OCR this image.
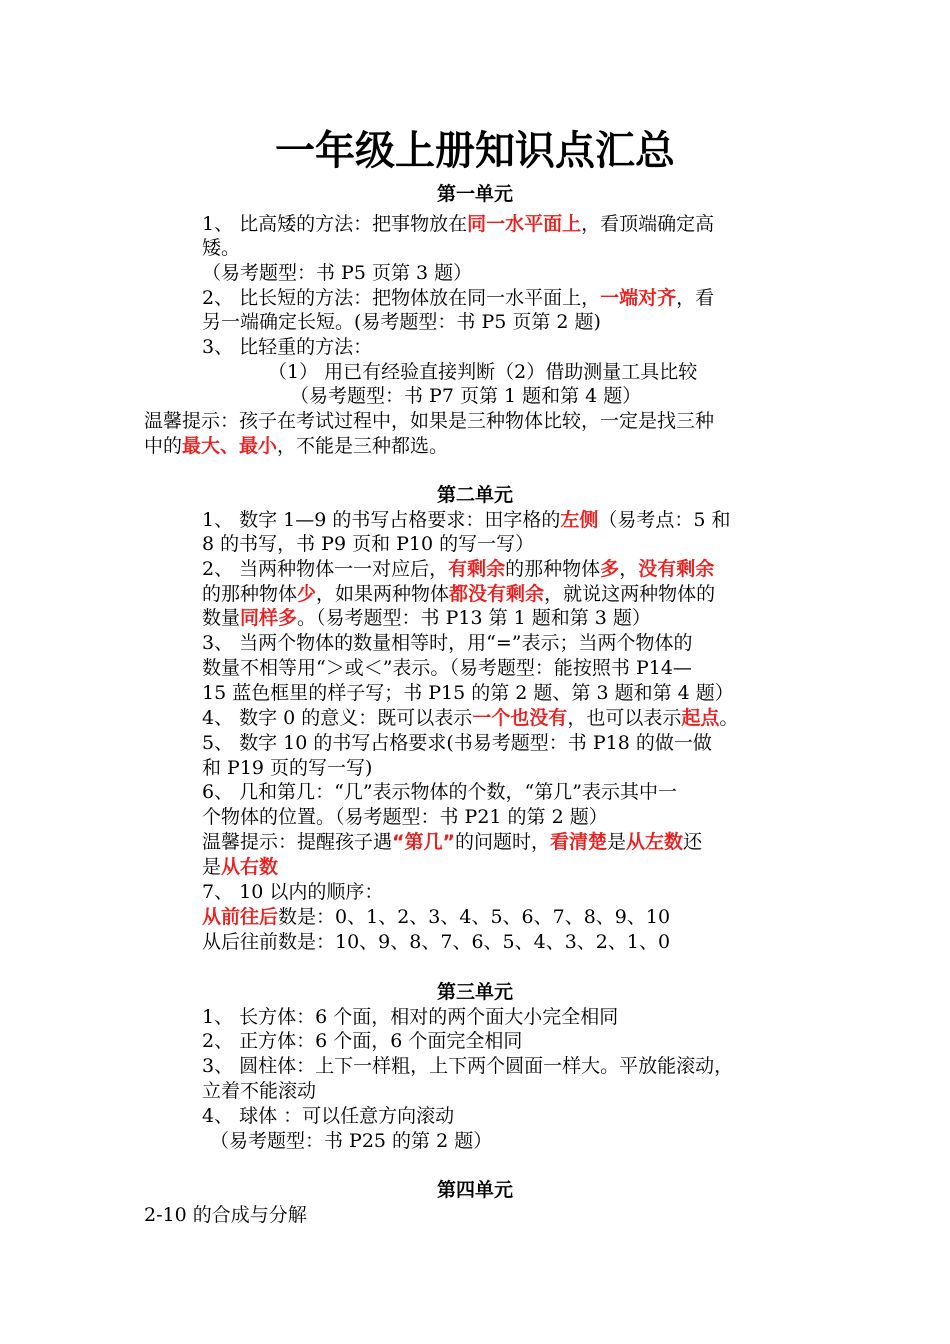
一年级上册知识点汇总
第一单元
1、 比高矮的方法：把事物放在同一水平面上，看顶端确定高
矮。
（易考题型：书 P5 页第 3 题）
2、 比长短的方法：把物体放在同一水平面上，一端对齐，看
另一端确定长短。(易考题型：书 P5 页第 2 题)
3、 比轻重的方法：
（1） 用已有经验直接判断（2）借助测量工具比较
（易考题型：书 P7 页第 1 题和第 4 题）
温馨提示：孩子在考试过程中，如果是三种物体比较，一定是找三种
中的最大、最小，不能是三种都选。
第二单元
1、 数字 1—9 的书写占格要求：田字格的左侧（易考点：5 和
8 的书写，书 P9 页和 P10 的写一写）
2、 当两种物体一一对应后，有剩余的那种物体多，没有剩余
的那种物体少，如果两种物体都没有剩余，就说这两种物体的
数量同样多。（易考题型：书 P13 第 1 题和第 3 题）
3、 当两个物体的数量相等时，用“=”表示；当两个物体的
数量不相等用“＞或＜”表示。（易考题型：能按照书 P14—
15 蓝色框里的样子写；书 P15 的第 2 题、第 3 题和第 4 题）
4、 数字 0 的意义：既可以表示一个也没有，也可以表示起点。
5、 数字 10 的书写占格要求(书易考题型：书 P18 的做一做
和 P19 页的写一写)
6、 几和第几：“几”表示物体的个数，“第几”表示其中一
个物体的位置。（易考题型：书 P21 的第 2 题）
温馨提示：提醒孩子遇“第几”的问题时，看清楚是从左数还
是从右数
7、 10 以内的顺序：
从前往后数是：0、1、2、3、4、5、6、7、8、9、10
从后往前数是：10、9、8、7、6、5、4、3、2、1、0
第三单元
1、 长方体：6 个面，相对的两个面大小完全相同
2、 正方体：6 个面，6 个面完全相同
3、 圆柱体：上下一样粗，上下两个圆面一样大。平放能滚动，
立着不能滚动
4、 球体 ：可以任意方向滚动
（易考题型：书 P25 的第 2 题）
第四单元
2-10 的合成与分解
